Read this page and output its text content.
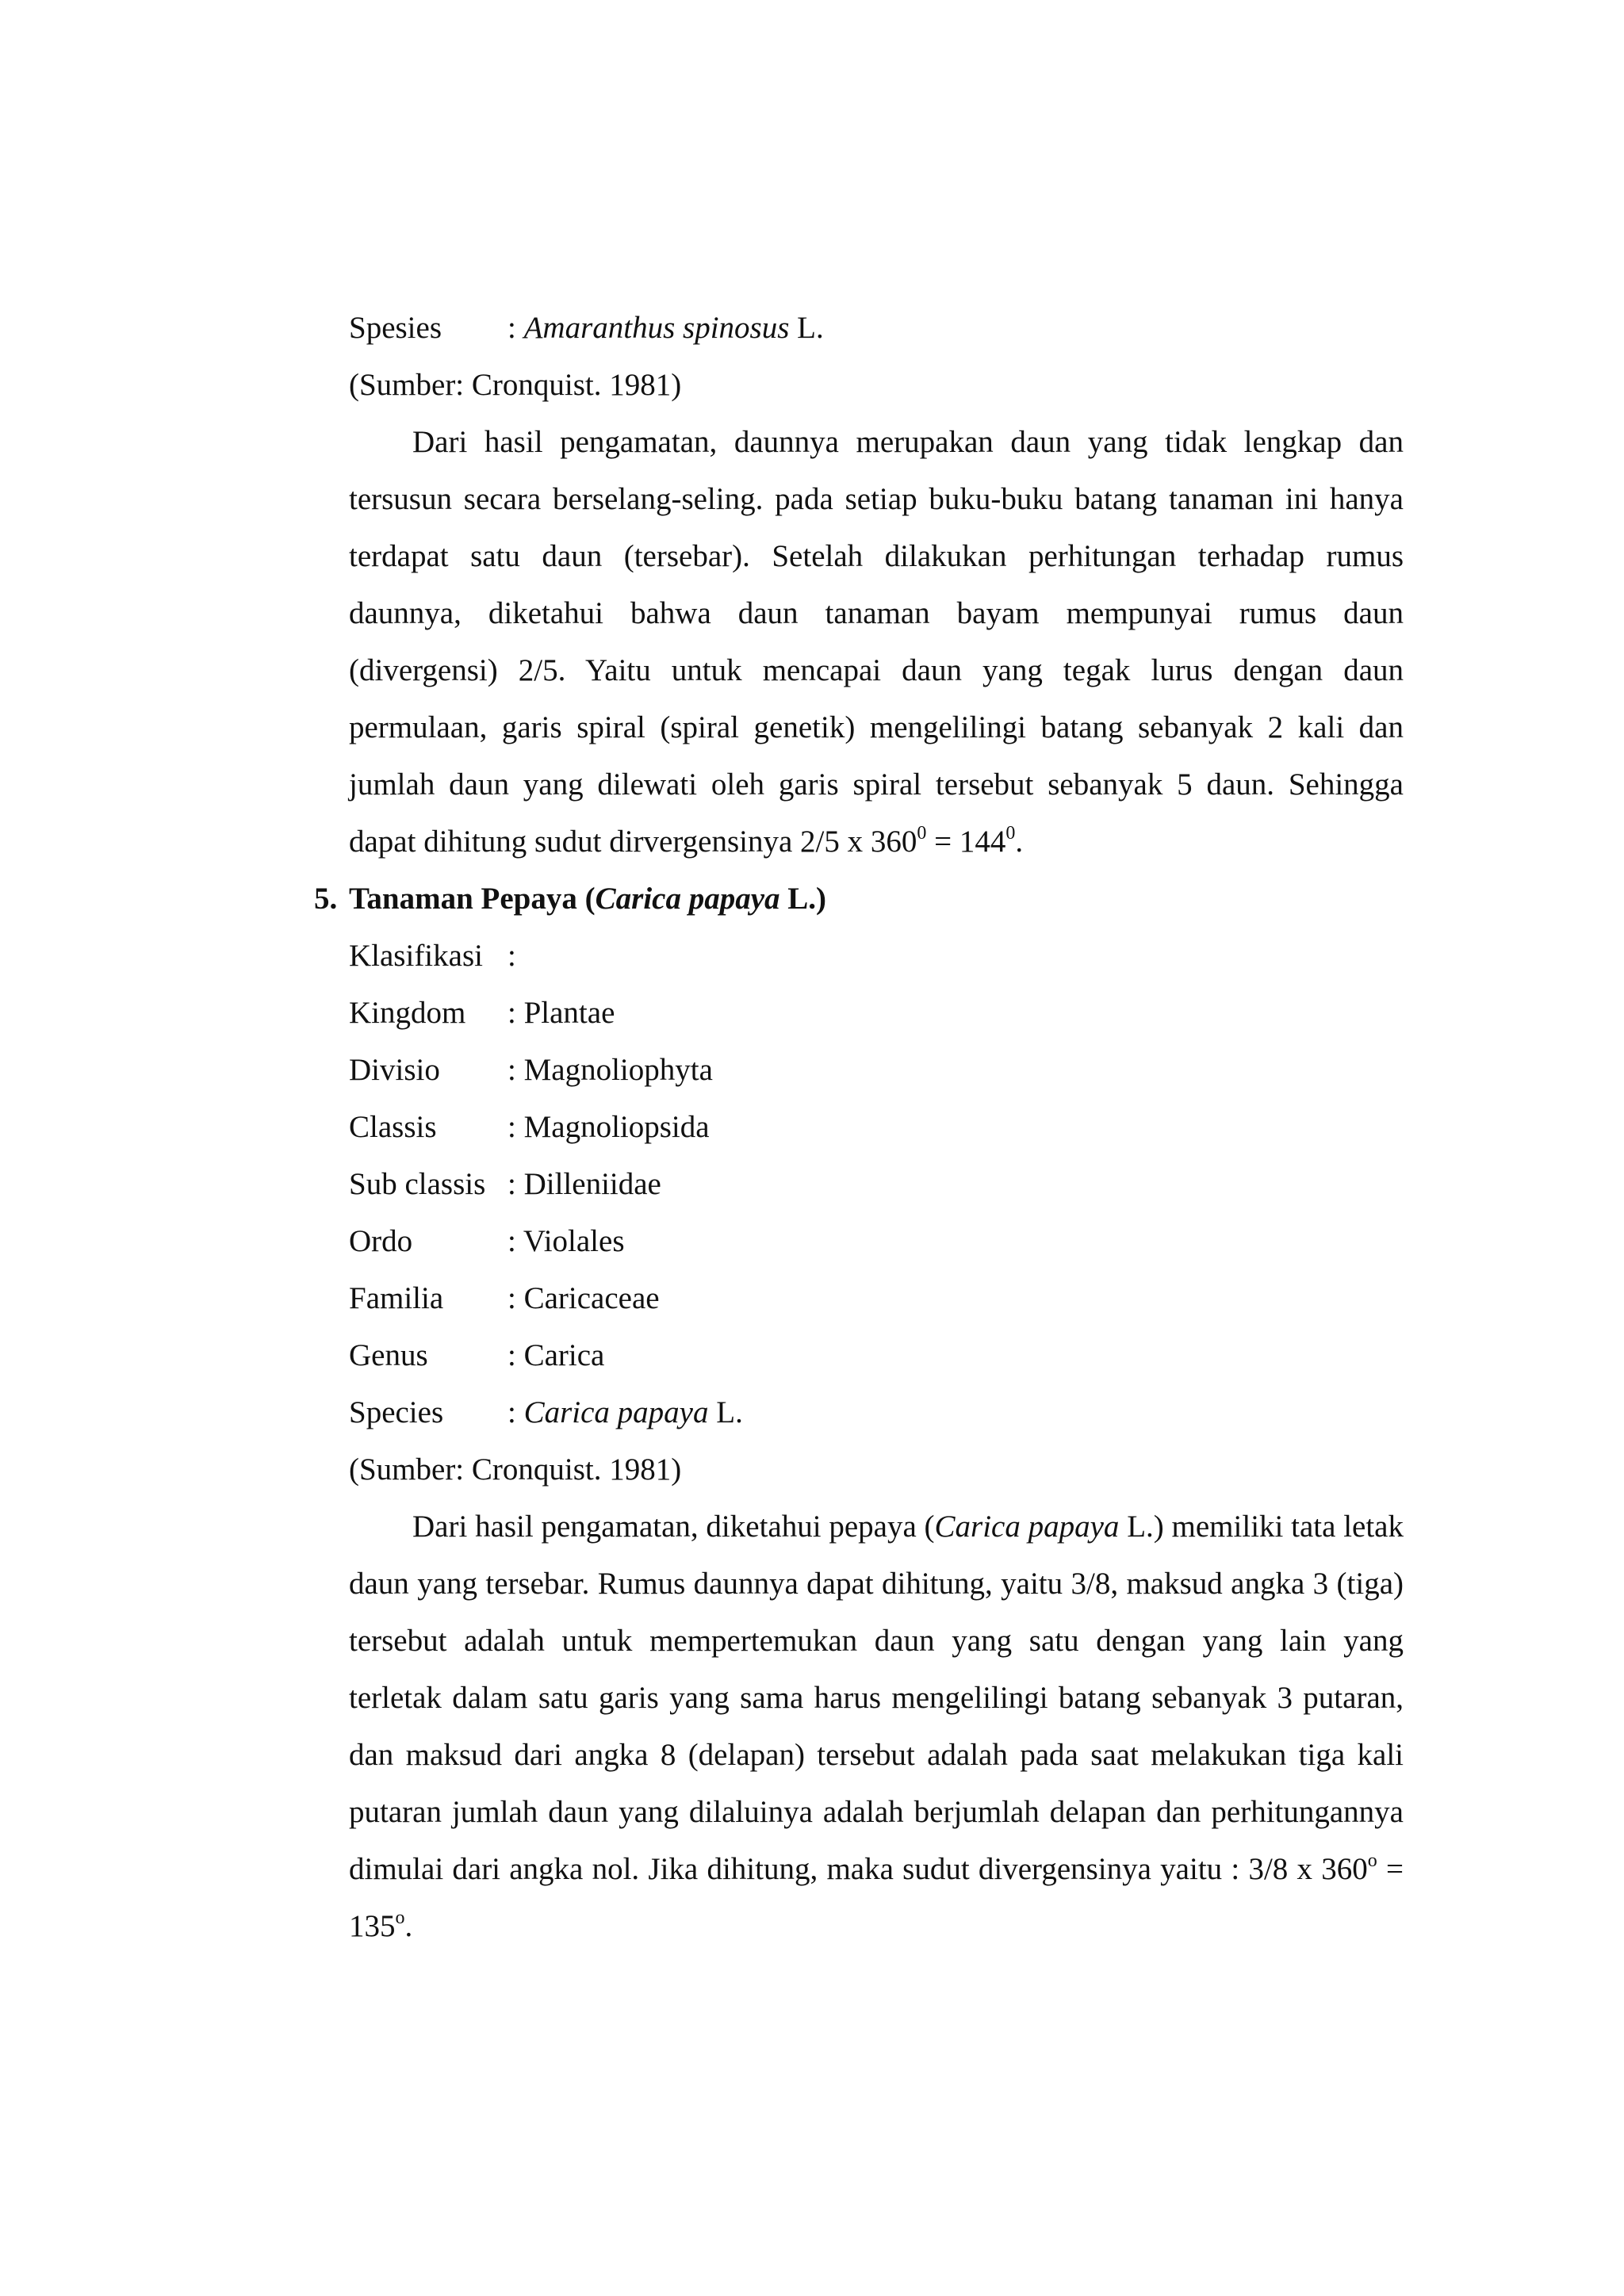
Spesies : Amaranthus spinosus L.
(Sumber: Cronquist. 1981)
Dari hasil pengamatan, daunnya merupakan daun yang tidak lengkap dan tersusun secara berselang-seling. pada setiap buku-buku batang tanaman ini hanya terdapat satu daun (tersebar). Setelah dilakukan perhitungan terhadap rumus daunnya, diketahui bahwa daun tanaman bayam mempunyai rumus daun (divergensi) 2/5. Yaitu untuk mencapai daun yang tegak lurus dengan daun permulaan, garis spiral (spiral genetik) mengelilingi batang sebanyak 2 kali dan jumlah daun yang dilewati oleh garis spiral tersebut sebanyak 5 daun. Sehingga dapat dihitung sudut dirvergensinya 2/5 x $360^0 = 144^0$.
5. Tanaman Pepaya (Carica papaya L.)
Klasifikasi :
Kingdom : Plantae
Divisio : Magnoliophyta
Classis : Magnoliopsida
Sub classis : Dilleniidae
Ordo	: Violales
Familia : Caricaceae
Genus	: Carica
Species : Carica papaya L.
(Sumber: Cronquist. 1981)
Dari hasil pengamatan, diketahui pepaya (Carica papaya L.) memiliki tata letak daun yang tersebar. Rumus daunnya dapat dihitung, yaitu 3/8, maksud angka 3 (tiga) tersebut adalah untuk mempertemukan daun yang satu dengan yang lain yang terletak dalam satu garis yang sama harus mengelilingi batang sebanyak 3 putaran, dan maksud dari angka 8 (delapan) tersebut adalah pada saat melakukan tiga kali putaran jumlah daun yang dilaluinya adalah berjumlah delapan dan perhitungannya dimulai dari angka nol. Jika dihitung, maka sudut divergensinya yaitu : 3/8 x $360^o = 135^o$.
